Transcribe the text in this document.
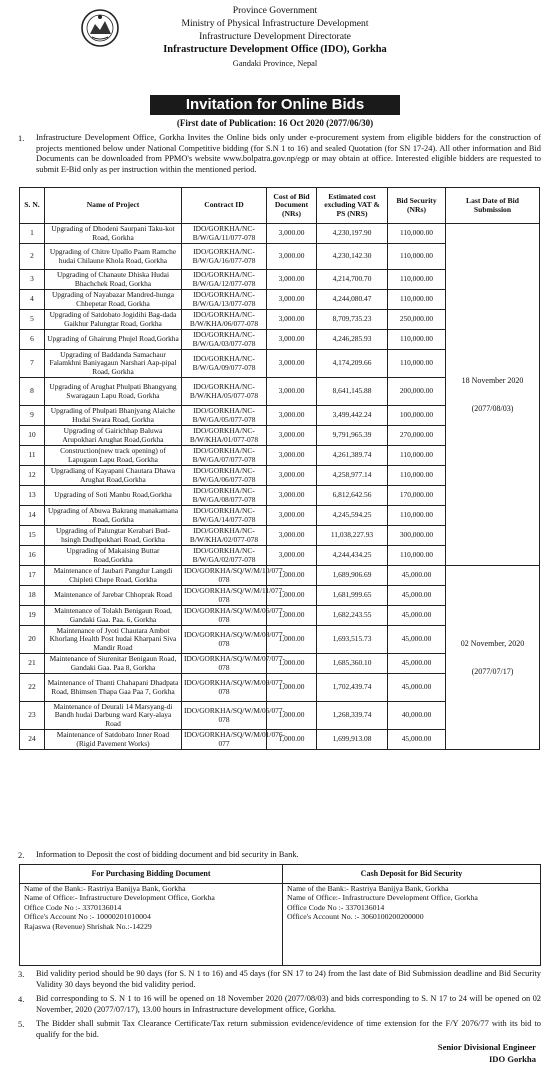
Province Government
Ministry of Physical Infrastructure Development
Infrastructure Development Directorate
Infrastructure Development Office (IDO), Gorkha
Gandaki Province, Nepal
Invitation for Online Bids
(First date of Publication: 16 Oct 2020 (2077/06/30)
1. Infrastructure Development Office, Gorkha Invites the Online bids only under e-procurement system from eligible bidders for the construction of projects mentioned below under National Competitive bidding (for S.N 1 to 16) and sealed Quotation (for SN 17-24). All other information and Bid Documents can be downloaded from PPMO's website www.bolpatra.gov.np/egp or may obtain at office. Interested eligible bidders are requested to submit E-Bid only as per instruction within the mentioned period.
S. N.	Name of Project	Contract ID	Cost of Bid Document (NRs)	Estimated cost excluding VAT & PS (NRS)	Bid Security (NRs)	Last Date of Bid Submission
1	Upgrading of Dhodeni Saurpani Taku-kot Road, Gorkha	IDO/GORKHA/NC-B/W/GA/11/077-078	3,000.00	4,230,197.90	110,000.00	18 November 2020
(2077/08/03)

2	Upgrading of Chitre Upallo Paam Ramche hudai Chilaune Khola Road, Gorkha	IDO/GORKHA/NC-B/W/GA/16/077-078	3,000.00	4,230,142.30	110,000.00	
3	Upgrading of Chanaute Dhiska Hudai Bhachchek Road, Gorkha	IDO/GORKHA/NC-B/W/GA/12/077-078	3,000.00	4,214,700.70	110,000.00	
4	Upgrading of Nayabazar Mandred-hunga Chhepetar Road, Gorkha	IDO/GORKHA/NC-B/W/GA/13/077-078	3,000.00	4,244,080.47	110,000.00	
5	Upgrading of Satdobato Jogidihi Bag-dada Gaikhur Palungtar Road, Gorkha	IDO/GORKHA/NC-B/W/KHA/06/077-078	3,000.00	8,709,735.23	250,000.00	
6	Upgrading of Ghairung Phujel Road,Gorkha	IDO/GORKHA/NC-B/W/GA/03/077-078	3,000.00	4,246,285.93	110,000.00	
7	Upgrading of Baddanda Samachaur Falamkhni Baniyagaun Narshari Aap-pipal Road, Gorkha	IDO/GORKHA/NC-B/W/GA/09/077-078	3,000.00	4,174,209.66	110,000.00	
8	Upgrading of Arughat Phulpati Bhangyang Swaragaun Lapu Road, Gorkha	IDO/GORKHA/NC-B/W/KHA/05/077-078	3,000.00	8,641,145.88	200,000.00	
9	Upgrading of Phulpati Bhanjyang Alaiche Hudai Swara Road, Gorkha	IDO/GORKHA/NC-B/W/GA/05/077-078	3,000.00	3,499,442.24	100,000.00	
10	Upgrading of Gairichhap Baluwa Arupokhari Arughat Road,Gorkha	IDO/GORKHA/NC-B/W/KHA/01/077-078	3,000.00	9,791,965.39	270,000.00	
11	Construction(new track opening) of Lapugaun Lapu Road, Gorkha	IDO/GORKHA/NC-B/W/GA/07/077-078	3,000.00	4,261,389.74	110,000.00	
12	Upgradiang of Kayapani Chautara Dhawa Arughat Road,Gorkha	IDO/GORKHA/NC-B/W/GA/06/077-078	3,000.00	4,258,977.14	110,000.00	
13	Upgrading of Soti Manbu Road,Gorkha	IDO/GORKHA/NC-B/W/GA/08/077-078	3,000.00	6,812,642.56	170,000.00	
14	Upgrading of Abuwa Bakrang manakamana Road, Gorkha	IDO/GORKHA/NC-B/W/GA/14/077-078	3,000.00	4,245,594.25	110,000.00	
15	Upgrading of Palungtar Kerabari Bud-hsingh Dudhpokhari Road, Gorkha	IDO/GORKHA/NC-B/W/KHA/02/077-078	3,000.00	11,038,227.93	300,000.00	
16	Upgrading of Makaising Buttar Road,Gorkha	IDO/GORKHA/NC-B/W/GA/02/077-078	3,000.00	4,244,434.25	110,000.00	
17	Maintenance of Jaubari Pangdur Langdi Chipleti Chepe Road, Gorkha	IDO/GORKHA/SQ/W/M/10/077-078	1,000.00	1,689,906.69	45,000.00	02 November, 2020
(2077/07/17)

18	Maintenance of Jarebar Chhoprak Road	IDO/GORKHA/SQ/W/M/11/077-078	1,000.00	1,681,999.65	45,000.00	
19	Maintenance of Tolakh Benigaun Road, Gandaki Gaa. Paa. 6, Gorkha	IDO/GORKHA/SQ/W/M/06/077-078	1,000.00	1,682,243.55	45,000.00	
20	Maintenance of Jyoti Chautara Ambot Khorlang Health Post hudai Kharpani Siva Mandir Road	IDO/GORKHA/SQ/W/M/08/077-078	1,000.00	1,693,515.73	45,000.00	
21	Maintenance of Siurenitar Benigaun Road, Gandaki Gaa. Paa 8, Gorkha	IDO/GORKHA/SQ/W/M/07/077-078	1,000.00	1,685,360.10	45,000.00	
22	Maintenance of Thanti Chahapani Dhadpata Road, Bhimsen Thapa Gaa Paa 7, Gorkha	IDO/GORKHA/SQ/W/M/09/077-078	1,000.00	1,702,439.74	45,000.00	
23	Maintenance of Deurali 14 Marsyang-di Bandh hudai Darbung ward Kary-alaya Road	IDO/GORKHA/SQ/W/M/05/077-078	1,000.00	1,268,339.74	40,000.00	
24	Maintenance of Satdobato Inner Road (Rigid Pavement Works)	IDO/GORKHA/SQ/W/M/01/076-077	1,000.00	1,699,913.08	45,000.00	
2. Information to Deposit the cost of bidding document and bid security in Bank.
For Purchasing Bidding Document
Name of the Bank:- Rastriya Banijya Bank, Gorkha
Name of Office:- Infrastructure Development Office, Gorkha
Office Code No :- 3370136014
Office's Account No :- 10000201010004
Rajaswa (Revenue) Shrishak No.:-14229
Cash Deposit for Bid Security
Name of the Bank:- Rastriya Banijya Bank, Gorkha
Name of Office:- Infrastructure Development Office, Gorkha
Office Code No :- 3370136014
Office's Account No. :- 3060100200200000
3. Bid validity period should be 90 days (for S. N 1 to 16) and 45 days (for SN 17 to 24) from the last date of Bid Submission deadline and Bid Security Validity 30 days beyond the bid validity period.
4. Bid corresponding to S. N 1 to 16 will be opened on 18 November 2020 (2077/08/03) and bids corresponding to S. N 17 to 24 will be opened on 02 November, 2020 (2077/07/17), 13.00 hours in Infrastructure development office, Gorkha.
5. The Bidder shall submit Tax Clearance Certificate/Tax return submission evidence/evidence of time extension for the F/Y 2076/77 with its bid to qualify for the bid.
Senior Divisional Engineer
IDO Gorkha
